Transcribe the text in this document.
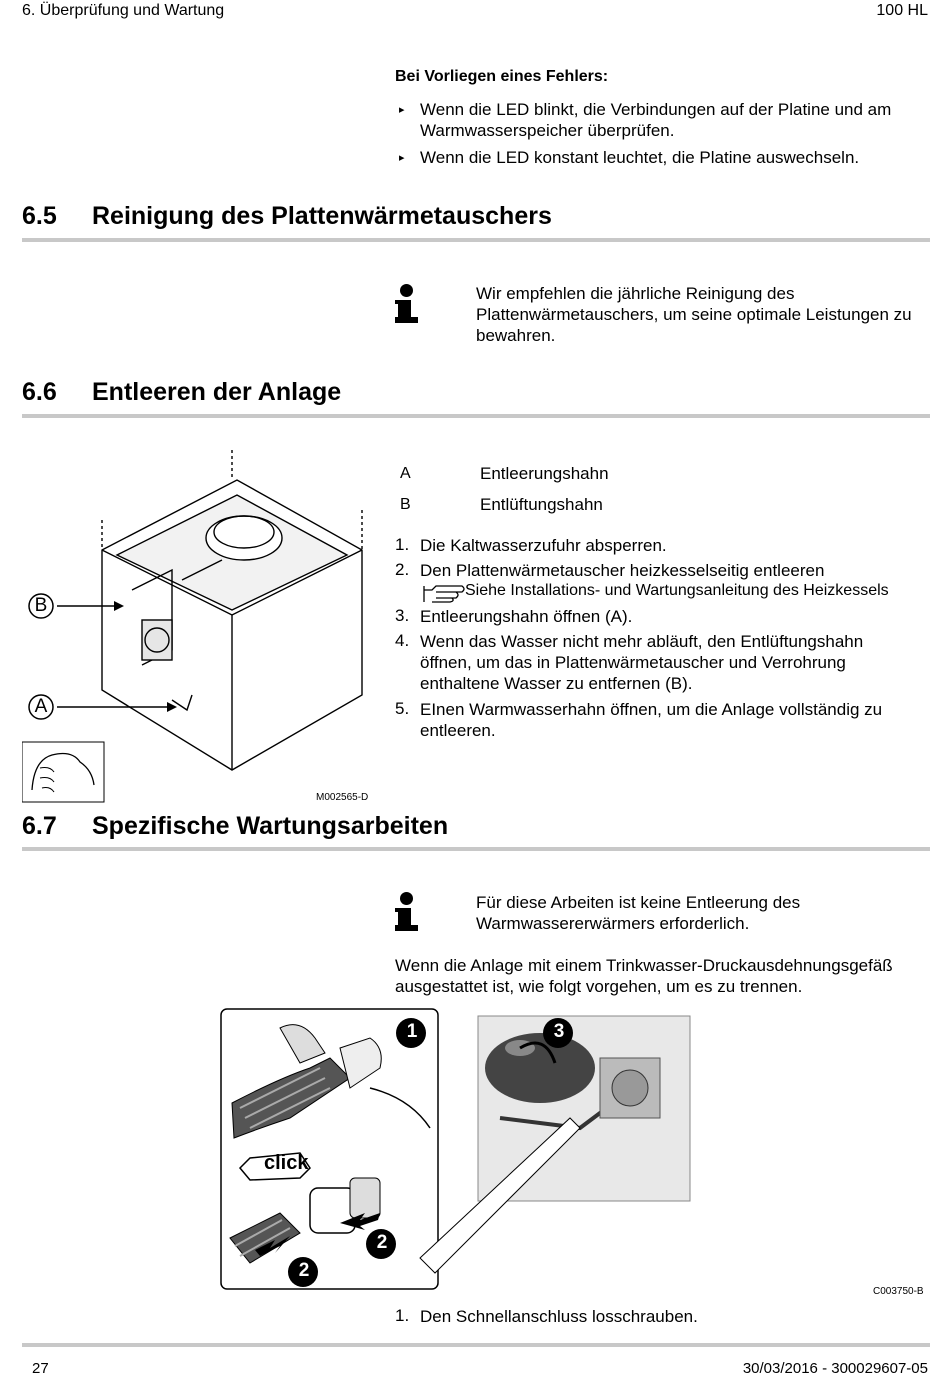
6. Überprüfung und Wartung	100 HL
Bei Vorliegen eines Fehlers:
▸ Wenn die LED blinkt, die Verbindungen auf der Platine und am Warmwasserspeicher überprüfen.
▸ Wenn die LED konstant leuchtet, die Platine auswechseln.
6.5 Reinigung des Plattenwärmetauschers
Wir empfehlen die jährliche Reinigung des Plattenwärmetauschers, um seine optimale Leistungen zu bewahren.
6.6 Entleeren der Anlage
B
A
M002565-D
A	Entleerungshahn
B	Entlüftungshahn
1. Die Kaltwasserzufuhr absperren.
2. Den Plattenwärmetauscher heizkesselseitig entleeren
Siehe Installations- und Wartungsanleitung des Heizkessels
3. Entleerungshahn öffnen (A).
4. Wenn das Wasser nicht mehr abläuft, den Entlüftungshahn öffnen, um das in Plattenwärmetauscher und Verrohrung enthaltene Wasser zu entfernen (B).
5. EInen Warmwasserhahn öffnen, um die Anlage vollständig zu entleeren.
6.7 Spezifische Wartungsarbeiten
Für diese Arbeiten ist keine Entleerung des Warmwassererwärmers erforderlich.
Wenn die Anlage mit einem Trinkwasser-Druckausdehnungsgefäß ausgestattet ist, wie folgt vorgehen, um es zu trennen.
1	3
2
2
click
C003750-B
1. Den Schnellanschluss losschrauben.
27	30/03/2016 - 300029607-05
